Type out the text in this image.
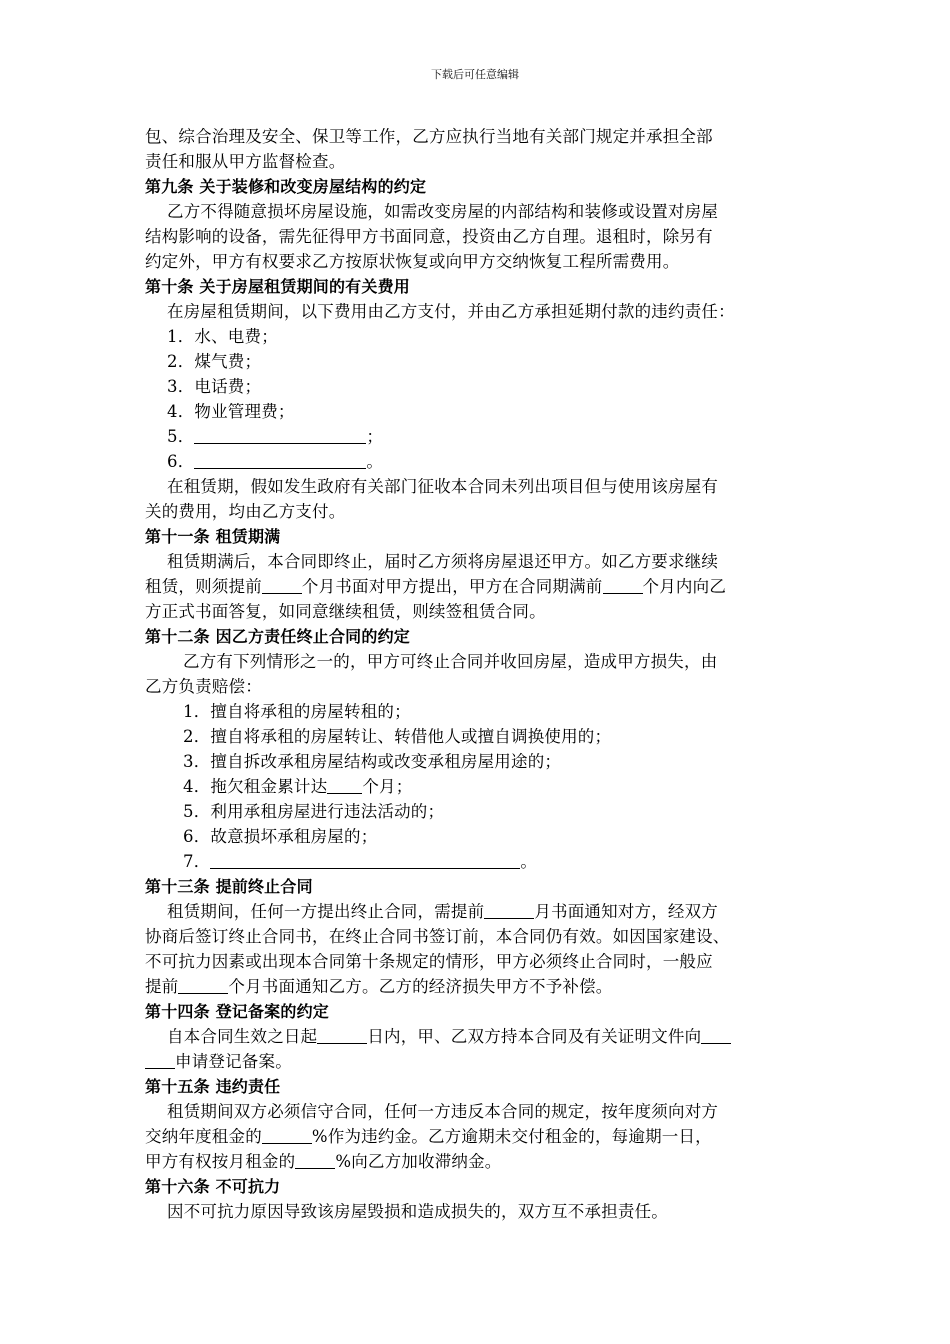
下载后可任意编辑
包、综合治理及安全、保卫等工作，乙方应执行当地有关部门规定并承担全部
责任和服从甲方监督检查。
第九条 关于装修和改变房屋结构的约定
乙方不得随意损坏房屋设施，如需改变房屋的内部结构和装修或设置对房屋
结构影响的设备，需先征得甲方书面同意，投资由乙方自理。退租时，除另有
约定外，甲方有权要求乙方按原状恢复或向甲方交纳恢复工程所需费用。
第十条 关于房屋租赁期间的有关费用
在房屋租赁期间，以下费用由乙方支付，并由乙方承担延期付款的违约责任：
1．水、电费；
2．煤气费；
3．电话费；
4．物业管理费；
5．	；
6．	。
在租赁期，假如发生政府有关部门征收本合同未列出项目但与使用该房屋有
关的费用，均由乙方支付。
第十一条 租赁期满
租赁期满后，本合同即终止，届时乙方须将房屋退还甲方。如乙方要求继续
租赁，则须提前 个月书面对甲方提出，甲方在合同期满前 个月内向乙
方正式书面答复，如同意继续租赁，则续签租赁合同。
第十二条 因乙方责任终止合同的约定
乙方有下列情形之一的，甲方可终止合同并收回房屋，造成甲方损失，由
乙方负责赔偿：
1．擅自将承租的房屋转租的；
2．擅自将承租的房屋转让、转借他人或擅自调换使用的；
3．擅自拆改承租房屋结构或改变承租房屋用途的；
4．拖欠租金累计达 个月；
5．利用承租房屋进行违法活动的；
6．故意损坏承租房屋的；
7．	。
第十三条 提前终止合同
租赁期间，任何一方提出终止合同，需提前	月书面通知对方，经双方
协商后签订终止合同书，在终止合同书签订前，本合同仍有效。如因国家建设、
不可抗力因素或出现本合同第十条规定的情形，甲方必须终止合同时，一般应
提前	个月书面通知乙方。乙方的经济损失甲方不予补偿。
第十四条 登记备案的约定
自本合同生效之日起	日内，甲、乙双方持本合同及有关证明文件向
申请登记备案。
第十五条 违约责任
租赁期间双方必须信守合同，任何一方违反本合同的规定，按年度须向对方
交纳年度租金的	%作为违约金。乙方逾期未交付租金的，每逾期一日，
甲方有权按月租金的 %向乙方加收滞纳金。
第十六条 不可抗力
因不可抗力原因导致该房屋毁损和造成损失的，双方互不承担责任。
